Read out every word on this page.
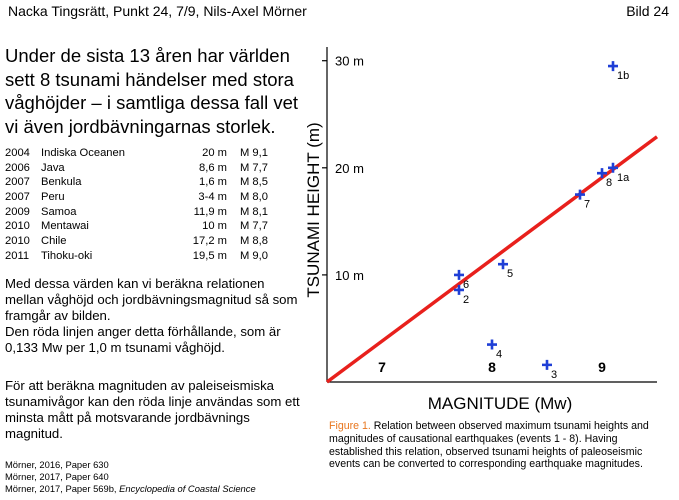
Nacka Tingsrätt, Punkt 24, 7/9, Nils-Axel Mörner	Bild 24
Under de sista 13 åren har världen sett 8 tsunami händelser med stora våghöjder – i samtliga dessa fall vet vi även jordbävningarnas storlek.
2004 Indiska Oceanen	20 m M 9,1
2006 Java	8,6 m M 7,7
2007 Benkula	1,6 m M 8,5
2007 Peru	3-4 m M 8,0
2009 Samoa	11,9 m M 8,1
2010 Mentawai	10 m M 7,7
2010 Chile	17,2 m M 8,8
2011 Tihoku-oki	19,5 m M 9,0
Med dessa värden kan vi beräkna relationen mellan våghöjd och jordbävningsmagnitud så som framgår av bilden.
Den röda linjen anger detta förhållande, som är 0,133 Mw per 1,0 m tsunami våghöjd.
För att beräkna magnituden av paleiseismiska tsunamivågor kan den röda linje användas som ett minsta mått på motsvarande jordbävnings magnitud.
Mörner, 2016, Paper 630
Mörner, 2017, Paper 640
Mörner, 2017, Paper 569b, Encyclopedia of Coastal Science
10 m
20 m
30 m
7	8	9
MAGNITUDE (Mw)
TSUNAMI HEIGHT (m)	1a
1b
2
3
4
5
6
7
8
Figure 1. Relation between observed maximum tsunami heights and magnitudes of causational earthquakes (events 1 - 8). Having established this relation, observed tsunami heights of paleoseismic events can be converted to corresponding earthquake magnitudes.
